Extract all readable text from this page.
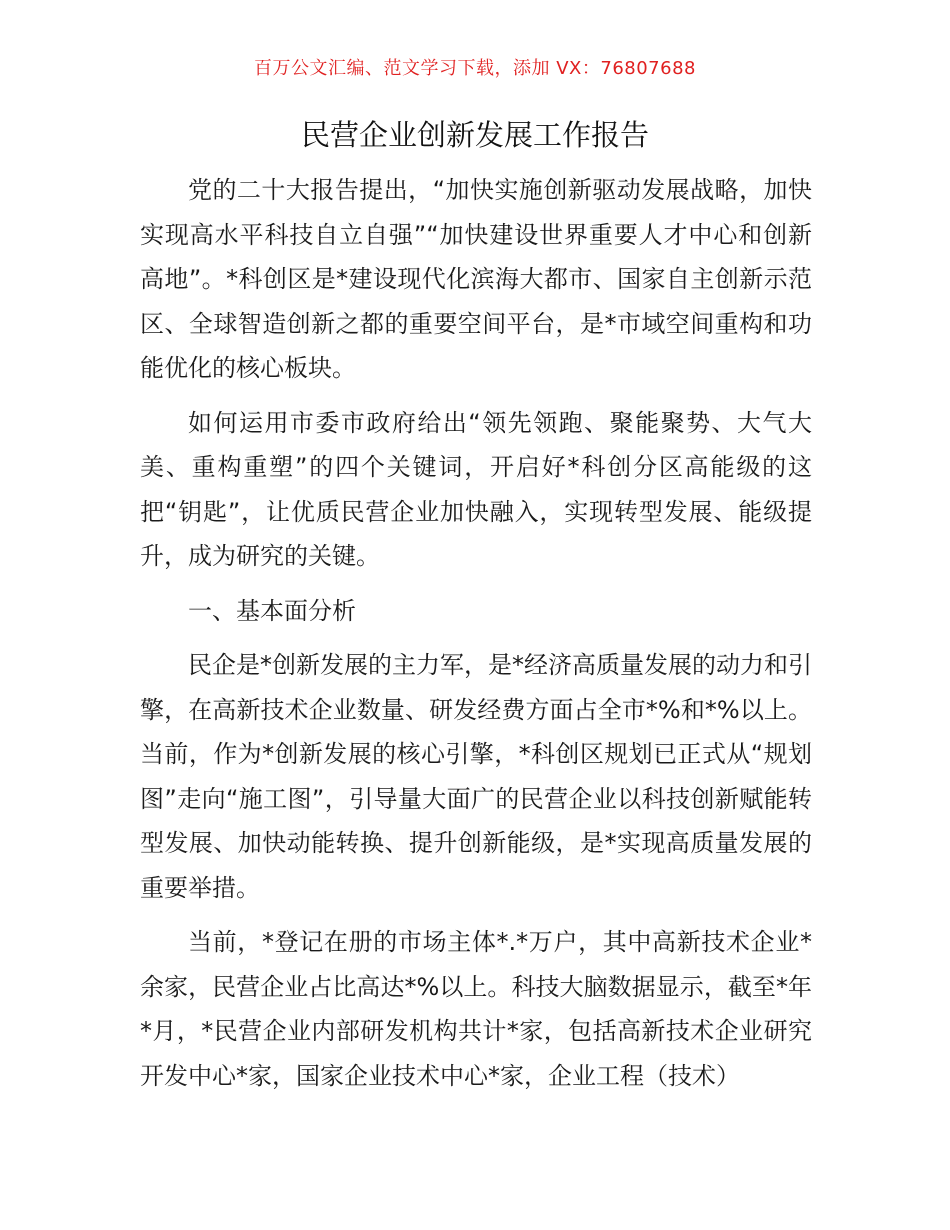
百万公文汇编、范文学习下载，添加 VX：76807688
民营企业创新发展工作报告

党的二十大报告提出，“加快实施创新驱动发展战略，加快实现高水平科技自立自强”“加快建设世界重要人才中心和创新高地”。*科创区是*建设现代化滨海大都市、国家自主创新示范区、全球智造创新之都的重要空间平台，是*市域空间重构和功能优化的核心板块。

如何运用市委市政府给出“领先领跑、聚能聚势、大气大美、重构重塑”的四个关键词，开启好*科创分区高能级的这把“钥匙”，让优质民营企业加快融入，实现转型发展、能级提升，成为研究的关键。

一、基本面分析

民企是*创新发展的主力军，是*经济高质量发展的动力和引擎，在高新技术企业数量、研发经费方面占全市*%和*%以上。当前，作为*创新发展的核心引擎，*科创区规划已正式从“规划图”走向“施工图”，引导量大面广的民营企业以科技创新赋能转型发展、加快动能转换、提升创新能级，是*实现高质量发展的重要举措。

当前，*登记在册的市场主体*.*万户，其中高新技术企业*余家，民营企业占比高达*%以上。科技大脑数据显示，截至*年*月，*民营企业内部研发机构共计*家，包括高新技术企业研究开发中心*家，国家企业技术中心*家，企业工程（技术）
